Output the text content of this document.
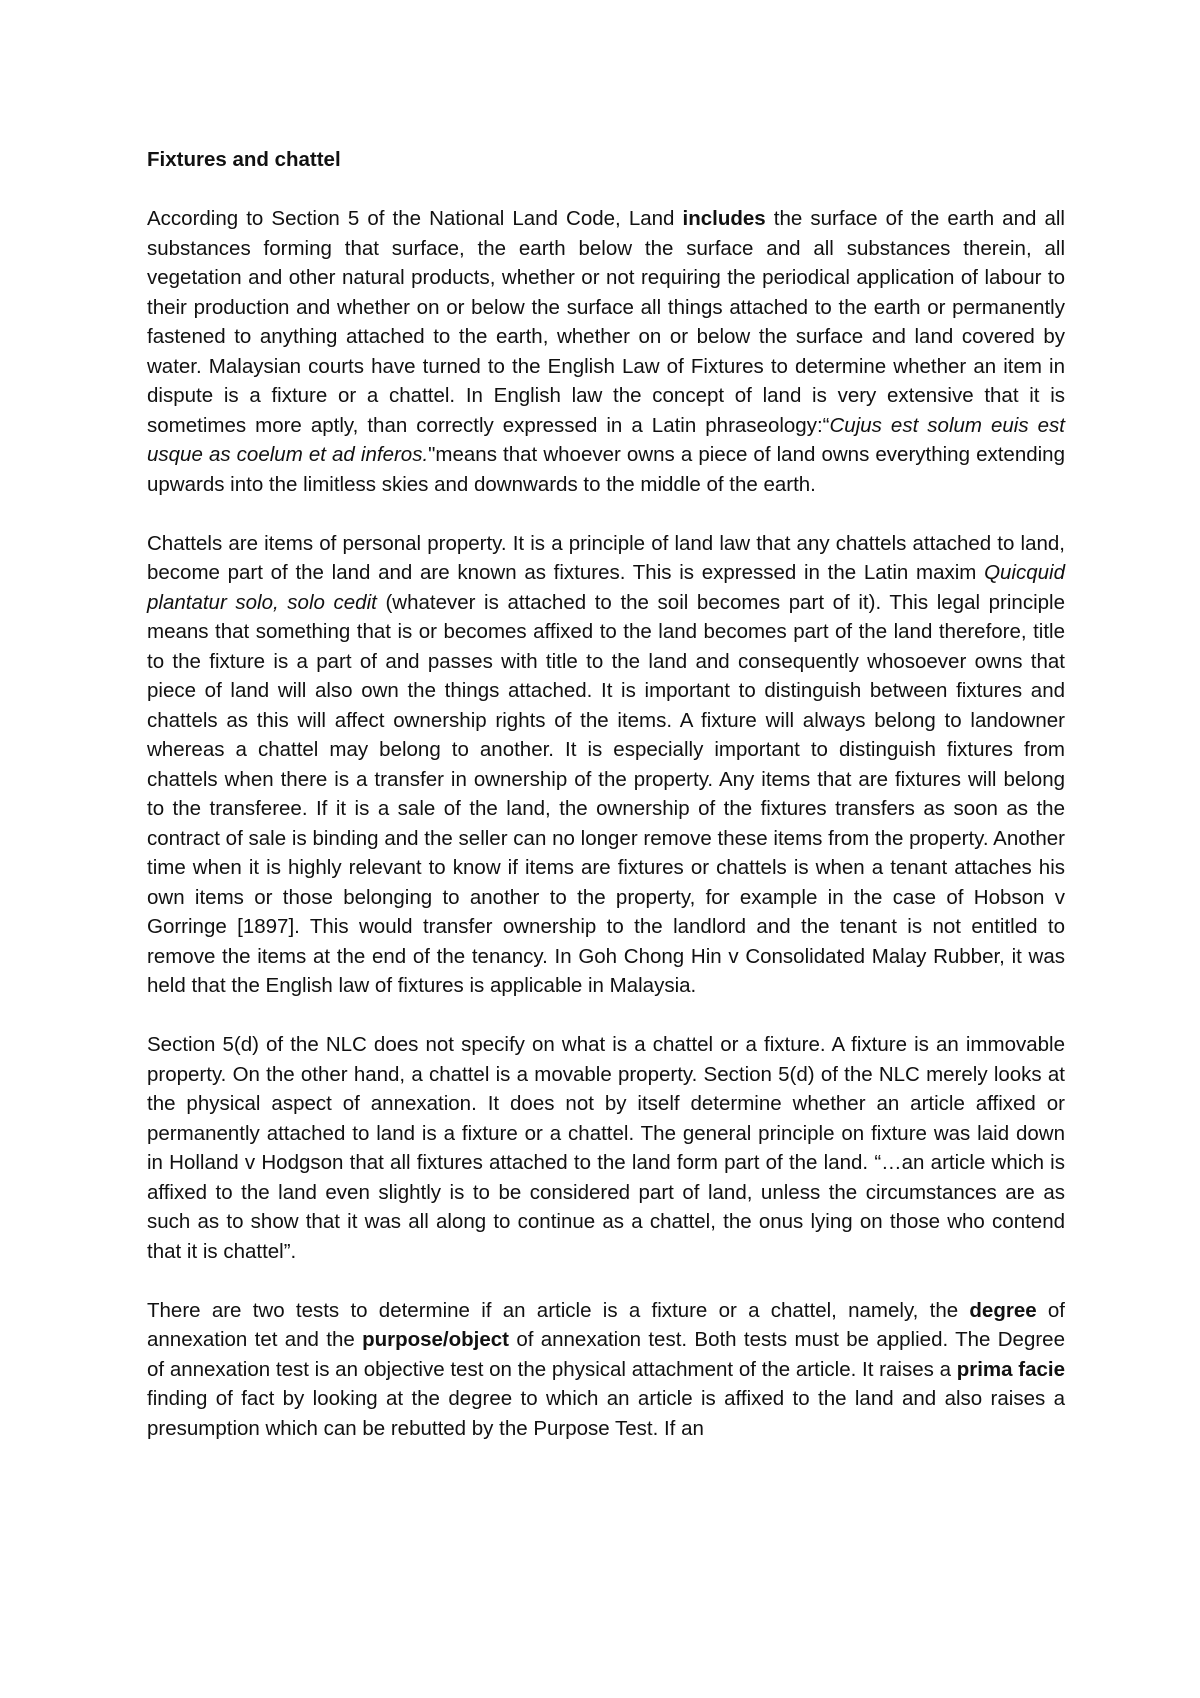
Fixtures and chattel

According to Section 5 of the National Land Code, Land includes the surface of the earth and all substances forming that surface, the earth below the surface and all substances therein, all vegetation and other natural products, whether or not requiring the periodical application of labour to their production and whether on or below the surface all things attached to the earth or permanently fastened to anything attached to the earth, whether on or below the surface and land covered by water. Malaysian courts have turned to the English Law of Fixtures to determine whether an item in dispute is a fixture or a chattel. In English law the concept of land is very extensive that it is sometimes more aptly, than correctly expressed in a Latin phraseology:“Cujus est solum euis est usque as coelum et ad inferos."means that whoever owns a piece of land owns everything extending upwards into the limitless skies and downwards to the middle of the earth.

Chattels are items of personal property. It is a principle of land law that any chattels attached to land, become part of the land and are known as fixtures. This is expressed in the Latin maxim Quicquid plantatur solo, solo cedit (whatever is attached to the soil becomes part of it). This legal principle means that something that is or becomes affixed to the land becomes part of the land therefore, title to the fixture is a part of and passes with title to the land and consequently whosoever owns that piece of land will also own the things attached. It is important to distinguish between fixtures and chattels as this will affect ownership rights of the items. A fixture will always belong to landowner whereas a chattel may belong to another. It is especially important to distinguish fixtures from chattels when there is a transfer in ownership of the property. Any items that are fixtures will belong to the transferee. If it is a sale of the land, the ownership of the fixtures transfers as soon as the contract of sale is binding and the seller can no longer remove these items from the property. Another time when it is highly relevant to know if items are fixtures or chattels is when a tenant attaches his own items or those belonging to another to the property, for example in the case of Hobson v Gorringe [1897]. This would transfer ownership to the landlord and the tenant is not entitled to remove the items at the end of the tenancy. In Goh Chong Hin v Consolidated Malay Rubber, it was held that the English law of fixtures is applicable in Malaysia.

Section 5(d) of the NLC does not specify on what is a chattel or a fixture. A fixture is an immovable property. On the other hand, a chattel is a movable property. Section 5(d) of the NLC merely looks at the physical aspect of annexation. It does not by itself determine whether an article affixed or permanently attached to land is a fixture or a chattel. The general principle on fixture was laid down in Holland v Hodgson that all fixtures attached to the land form part of the land. “…an article which is affixed to the land even slightly is to be considered part of land, unless the circumstances are as such as to show that it was all along to continue as a chattel, the onus lying on those who contend that it is chattel”.

There are two tests to determine if an article is a fixture or a chattel, namely, the degree of annexation tet and the purpose/object of annexation test. Both tests must be applied. The Degree of annexation test is an objective test on the physical attachment of the article. It raises a prima facie finding of fact by looking at the degree to which an article is affixed to the land and also raises a presumption which can be rebutted by the Purpose Test. If an
